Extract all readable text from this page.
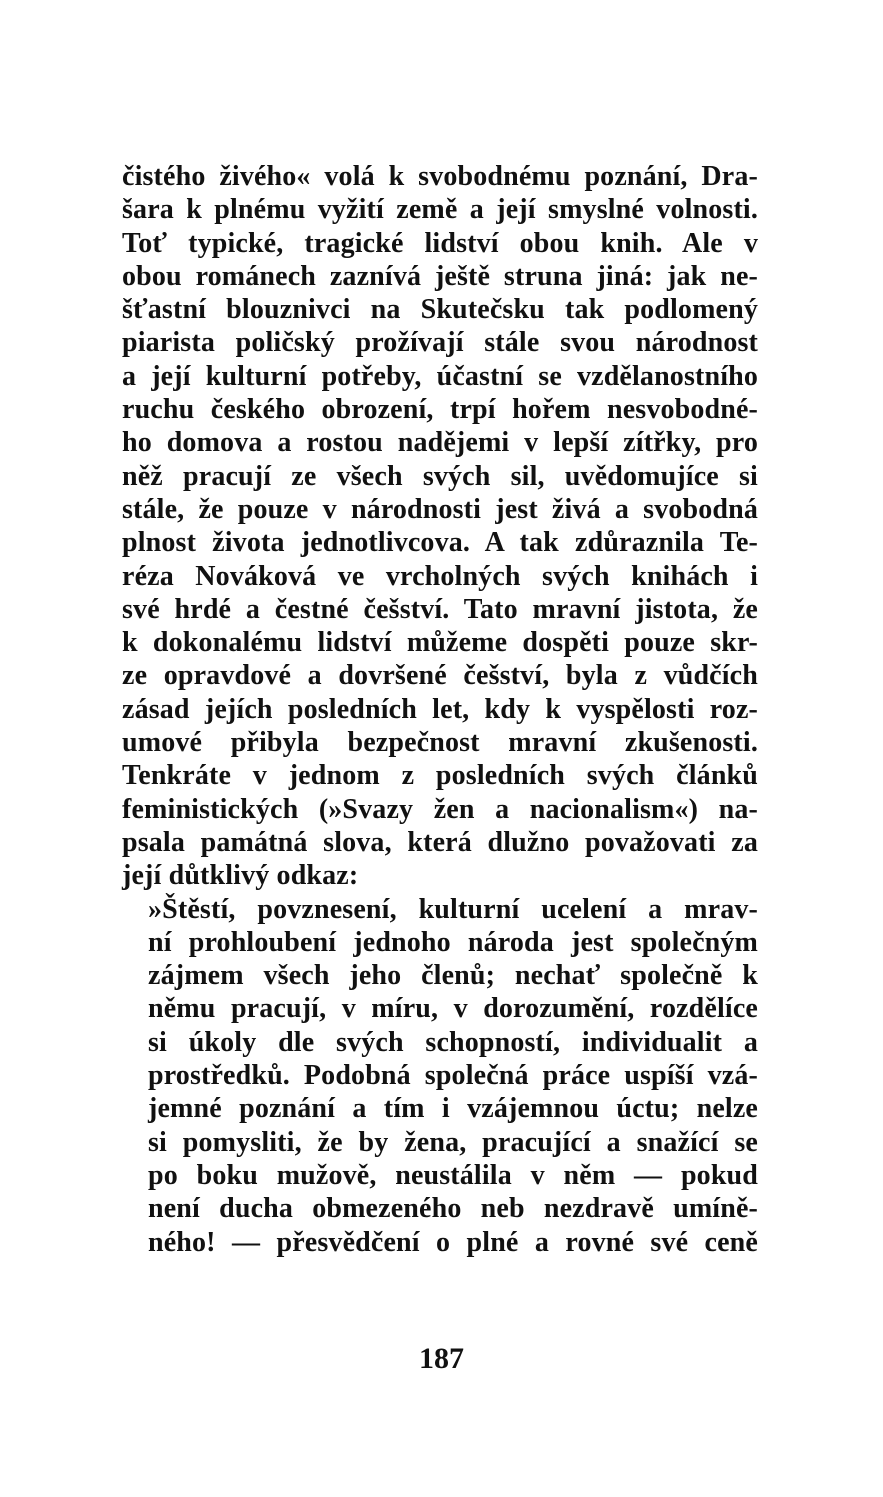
čistého živého« volá k svobodnému poznání, Dra-
šara k plnému vyžití země a její smyslné volnosti.
Toť typické, tragické lidství obou knih. Ale v
obou románech zaznívá ještě struna jiná: jak ne-
šťastní blouznivci na Skutečsku tak podlomený
piarista poličský prožívají stále svou národnost
a její kulturní potřeby, účastní se vzdělanostního
ruchu českého obrození, trpí hořem nesvobodné-
ho domova a rostou nadějemi v lepší zítřky, pro
něž pracují ze všech svých sil, uvědomujíce si
stále, že pouze v národnosti jest živá a svobodná
plnost života jednotlivcova. A tak zdůraznila Te-
réza Nováková ve vrcholných svých knihách i
své hrdé a čestné češství. Tato mravní jistota, že
k dokonalému lidství můžeme dospěti pouze skr-
ze opravdové a dovršené češství, byla z vůdčích
zásad jejích posledních let, kdy k vyspělosti roz-
umové přibyla bezpečnost mravní zkušenosti.
Tenkráte v jednom z posledních svých článků
feministických (»Svazy žen a nacionalism«) na-
psala památná slova, která dlužno považovati za
její důtklivý odkaz:
»Štěstí, povznesení, kulturní ucelení a mrav-
ní prohloubení jednoho národa jest společným
zájmem všech jeho členů; nechať společně k
němu pracují, v míru, v dorozumění, rozdělíce
si úkoly dle svých schopností, individualit a
prostředků. Podobná společná práce uspíší vzá-
jemné poznání a tím i vzájemnou úctu; nelze
si pomysliti, že by žena, pracující a snažící se
po boku mužově, neustálila v něm — pokud
není ducha obmezeného neb nezdravě umíně-
ného! — přesvědčení o plné a rovné své ceně
187
